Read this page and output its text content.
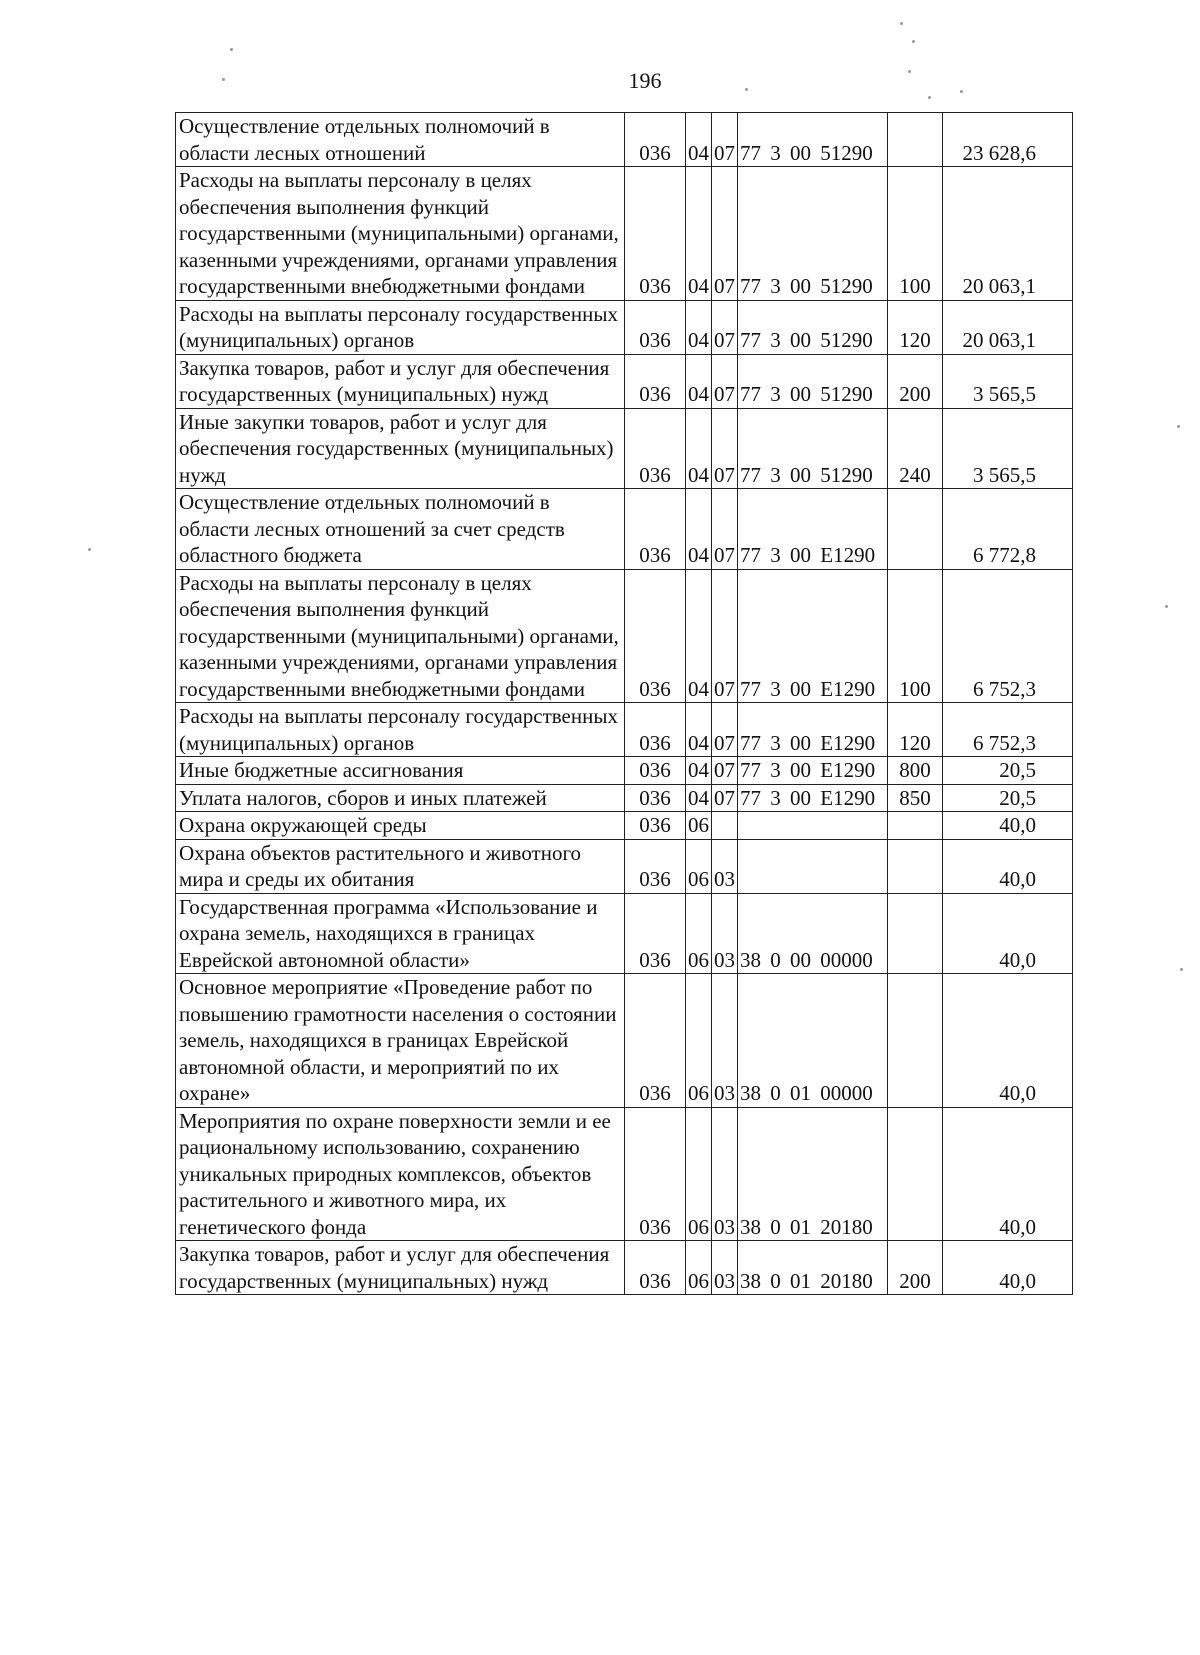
196
Осуществление отдельных полномочий в области лесных отношений	036	04	07	77 3 00 51290		23 628,6
Расходы на выплаты персоналу в целях обеспечения выполнения функций государственными (муниципальными) органами, казенными учреждениями, органами управления государственными внебюджетными фондами	036	04	07	77 3 00 51290	100	20 063,1
Расходы на выплаты персоналу государственных (муниципальных) органов	036	04	07	77 3 00 51290	120	20 063,1
Закупка товаров, работ и услуг для обеспечения государственных (муниципальных) нужд	036	04	07	77 3 00 51290	200	3 565,5
Иные закупки товаров, работ и услуг для обеспечения государственных (муниципальных) нужд	036	04	07	77 3 00 51290	240	3 565,5
Осуществление отдельных полномочий в области лесных отношений за счет средств областного бюджета	036	04	07	77 3 00 Е1290		6 772,8
Расходы на выплаты персоналу в целях обеспечения выполнения функций государственными (муниципальными) органами, казенными учреждениями, органами управления государственными внебюджетными фондами	036	04	07	77 3 00 Е1290	100	6 752,3
Расходы на выплаты персоналу государственных (муниципальных) органов	036	04	07	77 3 00 Е1290	120	6 752,3
Иные бюджетные ассигнования	036	04	07	77 3 00 Е1290	800	20,5
Уплата налогов, сборов и иных платежей	036	04	07	77 3 00 Е1290	850	20,5
Охрана окружающей среды	036	06				40,0
Охрана объектов растительного и животного мира и среды их обитания	036	06	03			40,0
Государственная программа «Использование и охрана земель, находящихся в границах Еврейской автономной области»	036	06	03	38 0 00 00000		40,0
Основное мероприятие «Проведение работ по повышению грамотности населения о состоянии земель, находящихся в границах Еврейской автономной области, и мероприятий по их охране»	036	06	03	38 0 01 00000		40,0
Мероприятия по охране поверхности земли и ее рациональному использованию, сохранению уникальных природных комплексов, объектов растительного и животного мира, их генетического фонда	036	06	03	38 0 01 20180		40,0
Закупка товаров, работ и услуг для обеспечения государственных (муниципальных) нужд	036	06	03	38 0 01 20180	200	40,0
